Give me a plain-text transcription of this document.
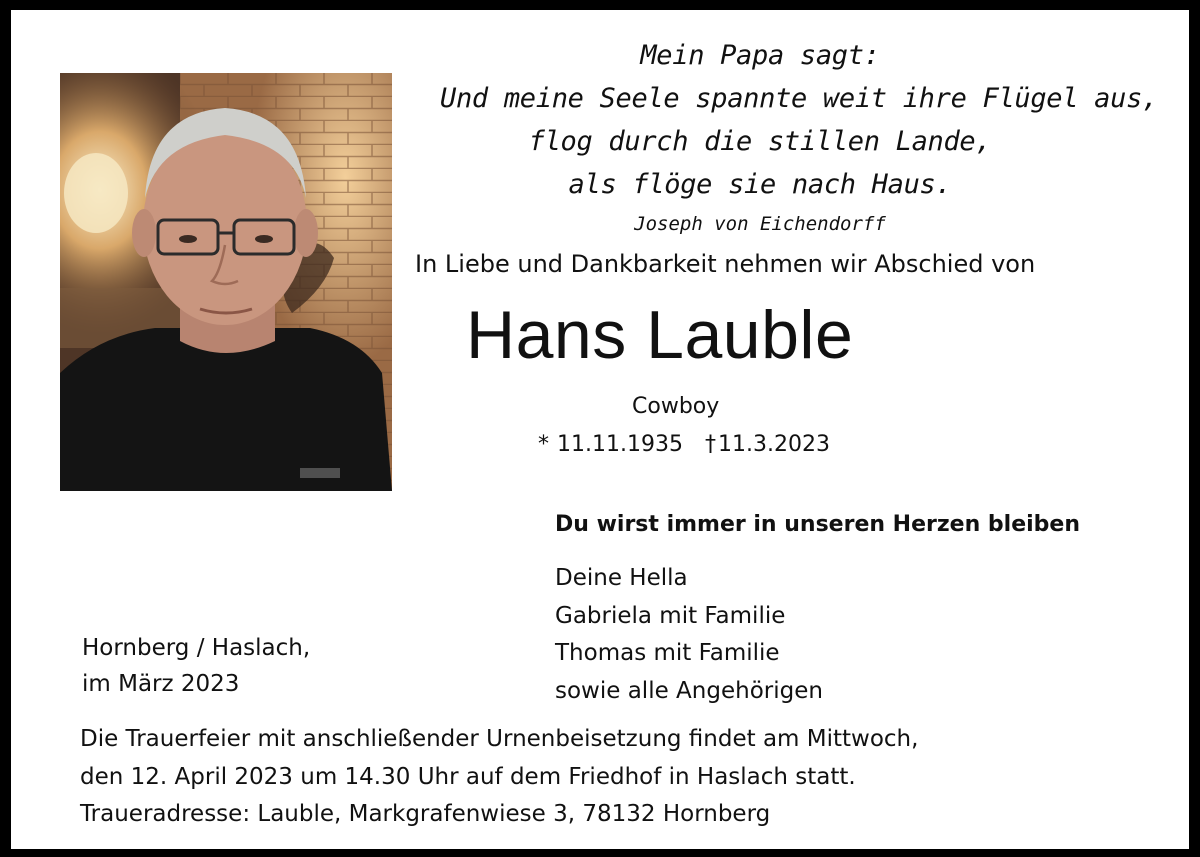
Mein Papa sagt:
Und meine Seele spannte weit ihre Flügel aus,
flog durch die stillen Lande,
als flöge sie nach Haus.
Joseph von Eichendorff
In Liebe und Dankbarkeit nehmen wir Abschied von
Hans Lauble
Cowboy
* 11.11.1935 †11.3.2023
Du wirst immer in unseren Herzen bleiben
Deine Hella
Gabriela mit Familie
Thomas mit Familie
sowie alle Angehörigen
Hornberg / Haslach,
im März 2023
Die Trauerfeier mit anschließender Urnenbeisetzung findet am Mittwoch,
den 12. April 2023 um 14.30 Uhr auf dem Friedhof in Haslach statt.
Traueradresse: Lauble, Markgrafenwiese 3, 78132 Hornberg
